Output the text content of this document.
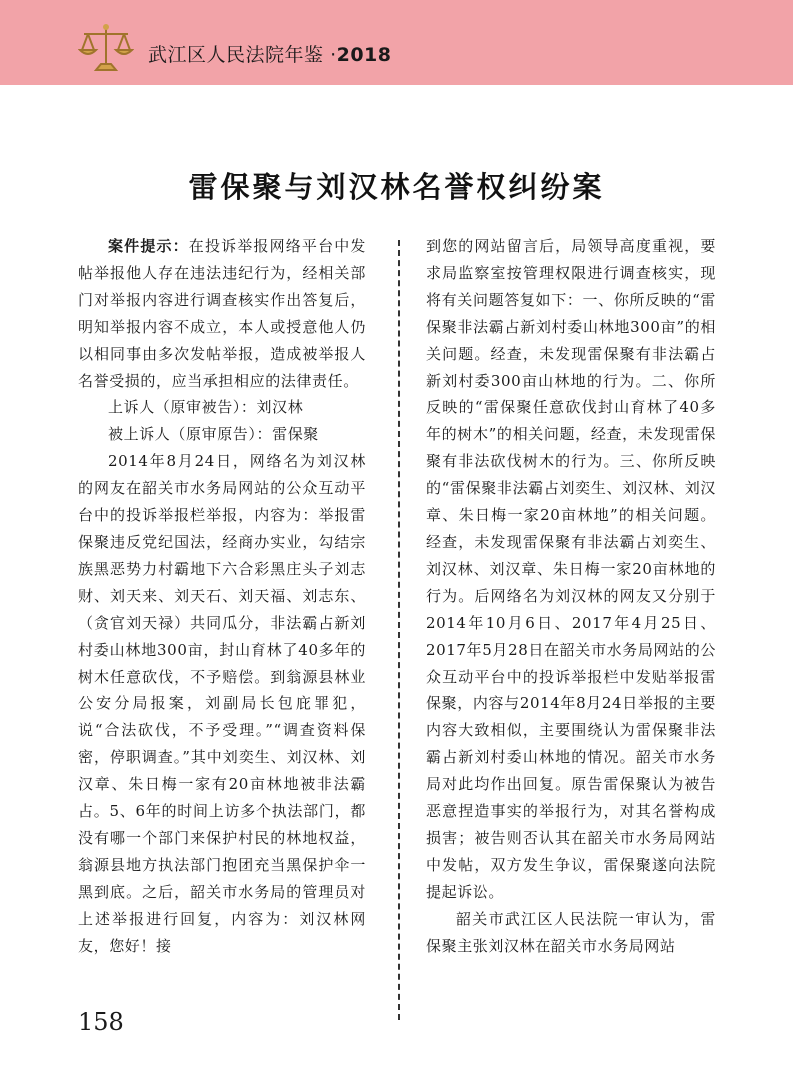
武江区人民法院年鉴 ·2018
雷保聚与刘汉林名誉权纠纷案

案件提示：在投诉举报网络平台中发帖举报他人存在违法违纪行为，经相关部门对举报内容进行调查核实作出答复后，明知举报内容不成立，本人或授意他人仍以相同事由多次发帖举报，造成被举报人名誉受损的，应当承担相应的法律责任。

上诉人（原审被告）：刘汉林

被上诉人（原审原告）：雷保聚

2014年8月24日，网络名为刘汉林的网友在韶关市水务局网站的公众互动平台中的投诉举报栏举报，内容为：举报雷保聚违反党纪国法，经商办实业，勾结宗族黑恶势力村霸地下六合彩黑庄头子刘志财、刘天来、刘天石、刘天福、刘志东、（贪官刘天禄）共同瓜分，非法霸占新刘村委山林地300亩，封山育林了40多年的树木任意砍伐，不予赔偿。到翁源县林业公安分局报案，刘副局长包庇罪犯，说“合法砍伐，不予受理。”“调查资料保密，停职调查。”其中刘奕生、刘汉林、刘汉章、朱日梅一家有20亩林地被非法霸占。5、6年的时间上访多个执法部门，都没有哪一个部门来保护村民的林地权益，翁源县地方执法部门抱团充当黑保护伞一黑到底。之后，韶关市水务局的管理员对上述举报进行回复，内容为：刘汉林网友，您好！接

到您的网站留言后，局领导高度重视，要求局监察室按管理权限进行调查核实，现将有关问题答复如下：一、你所反映的“雷保聚非法霸占新刘村委山林地300亩”的相关问题。经查，未发现雷保聚有非法霸占新刘村委300亩山林地的行为。二、你所反映的“雷保聚任意砍伐封山育林了40多年的树木”的相关问题，经查，未发现雷保聚有非法砍伐树木的行为。三、你所反映的“雷保聚非法霸占刘奕生、刘汉林、刘汉章、朱日梅一家20亩林地”的相关问题。经查，未发现雷保聚有非法霸占刘奕生、刘汉林、刘汉章、朱日梅一家20亩林地的行为。后网络名为刘汉林的网友又分别于2014年10月6日、2017年4月25日、2017年5月28日在韶关市水务局网站的公众互动平台中的投诉举报栏中发贴举报雷保聚，内容与2014年8月24日举报的主要内容大致相似，主要围绕认为雷保聚非法霸占新刘村委山林地的情况。韶关市水务局对此均作出回复。原告雷保聚认为被告恶意捏造事实的举报行为，对其名誉构成损害；被告则否认其在韶关市水务局网站中发帖，双方发生争议，雷保聚遂向法院提起诉讼。

韶关市武江区人民法院一审认为，雷保聚主张刘汉林在韶关市水务局网站

158
